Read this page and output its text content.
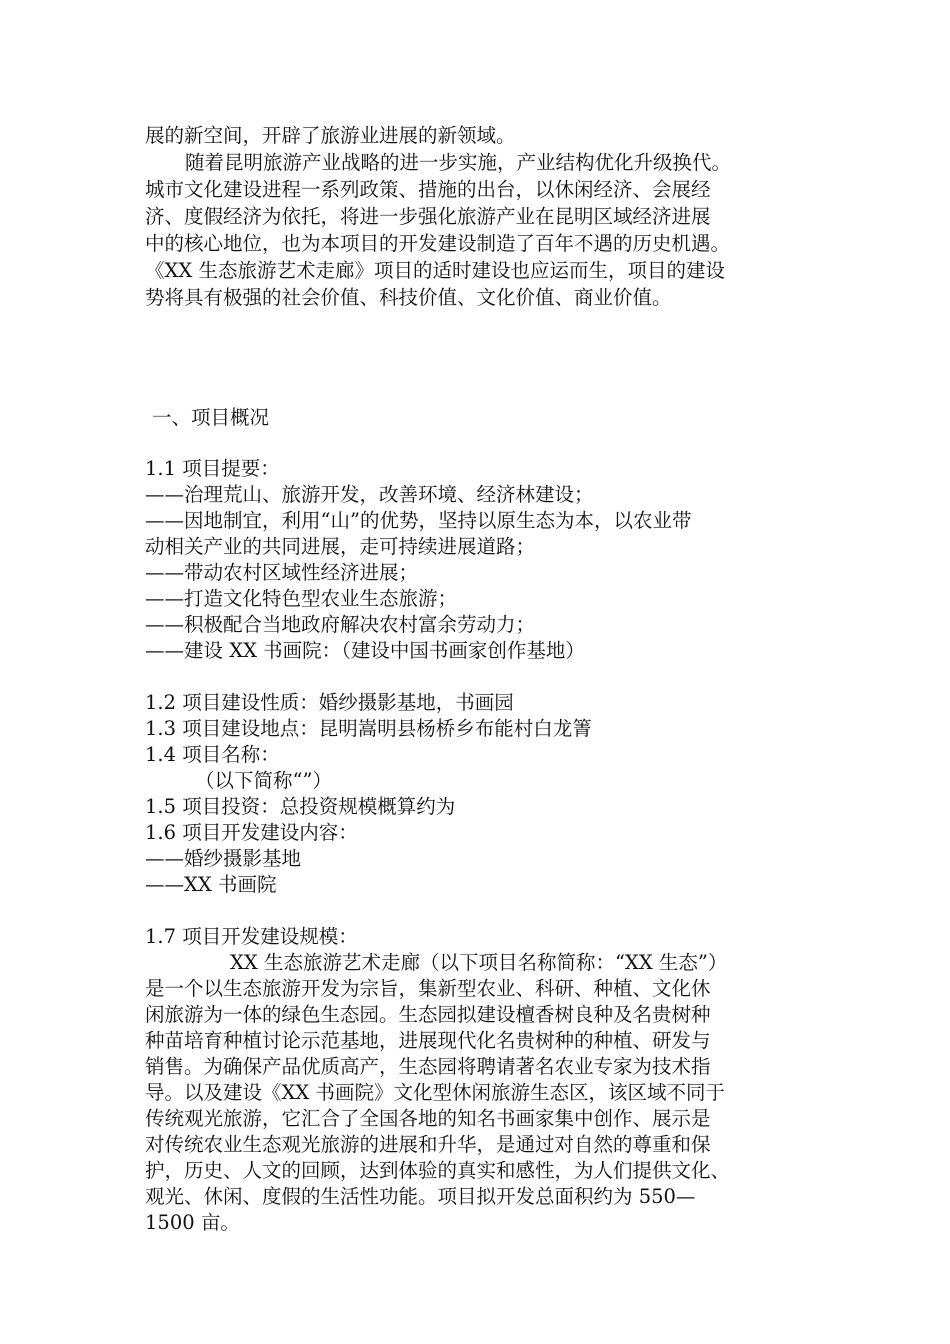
展的新空间，开辟了旅游业进展的新领域。
随着昆明旅游产业战略的进一步实施，产业结构优化升级换代。
城市文化建设进程一系列政策、措施的出台，以休闲经济、会展经
济、度假经济为依托，将进一步强化旅游产业在昆明区域经济进展
中的核心地位，也为本项目的开发建设制造了百年不遇的历史机遇。
《XX 生态旅游艺术走廊》项目的适时建设也应运而生，项目的建设
势将具有极强的社会价值、科技价值、文化价值、商业价值。
一、项目概况
1.1 项目提要：
——治理荒山、旅游开发，改善环境、经济林建设；
——因地制宜，利用“山”的优势，坚持以原生态为本，以农业带
动相关产业的共同进展，走可持续进展道路；
——带动农村区域性经济进展；
——打造文化特色型农业生态旅游；
——积极配合当地政府解决农村富余劳动力；
——建设 XX 书画院：（建设中国书画家创作基地）
1.2 项目建设性质：婚纱摄影基地，书画园
1.3 项目建设地点：昆明嵩明县杨桥乡布能村白龙箐
1.4 项目名称：
（以下简称“”）
1.5 项目投资：总投资规模概算约为
1.6 项目开发建设内容：
——婚纱摄影基地
——XX 书画院
1.7 项目开发建设规模：
XX 生态旅游艺术走廊（以下项目名称简称：“XX 生态”）
是一个以生态旅游开发为宗旨，集新型农业、科研、种植、文化休
闲旅游为一体的绿色生态园。生态园拟建设檀香树良种及名贵树种
种苗培育种植讨论示范基地，进展现代化名贵树种的种植、研发与
销售。为确保产品优质高产，生态园将聘请著名农业专家为技术指
导。以及建设《XX 书画院》文化型休闲旅游生态区，该区域不同于
传统观光旅游，它汇合了全国各地的知名书画家集中创作、展示是
对传统农业生态观光旅游的进展和升华，是通过对自然的尊重和保
护，历史、人文的回顾，达到体验的真实和感性，为人们提供文化、
观光、休闲、度假的生活性功能。项目拟开发总面积约为 550—
1500 亩。
